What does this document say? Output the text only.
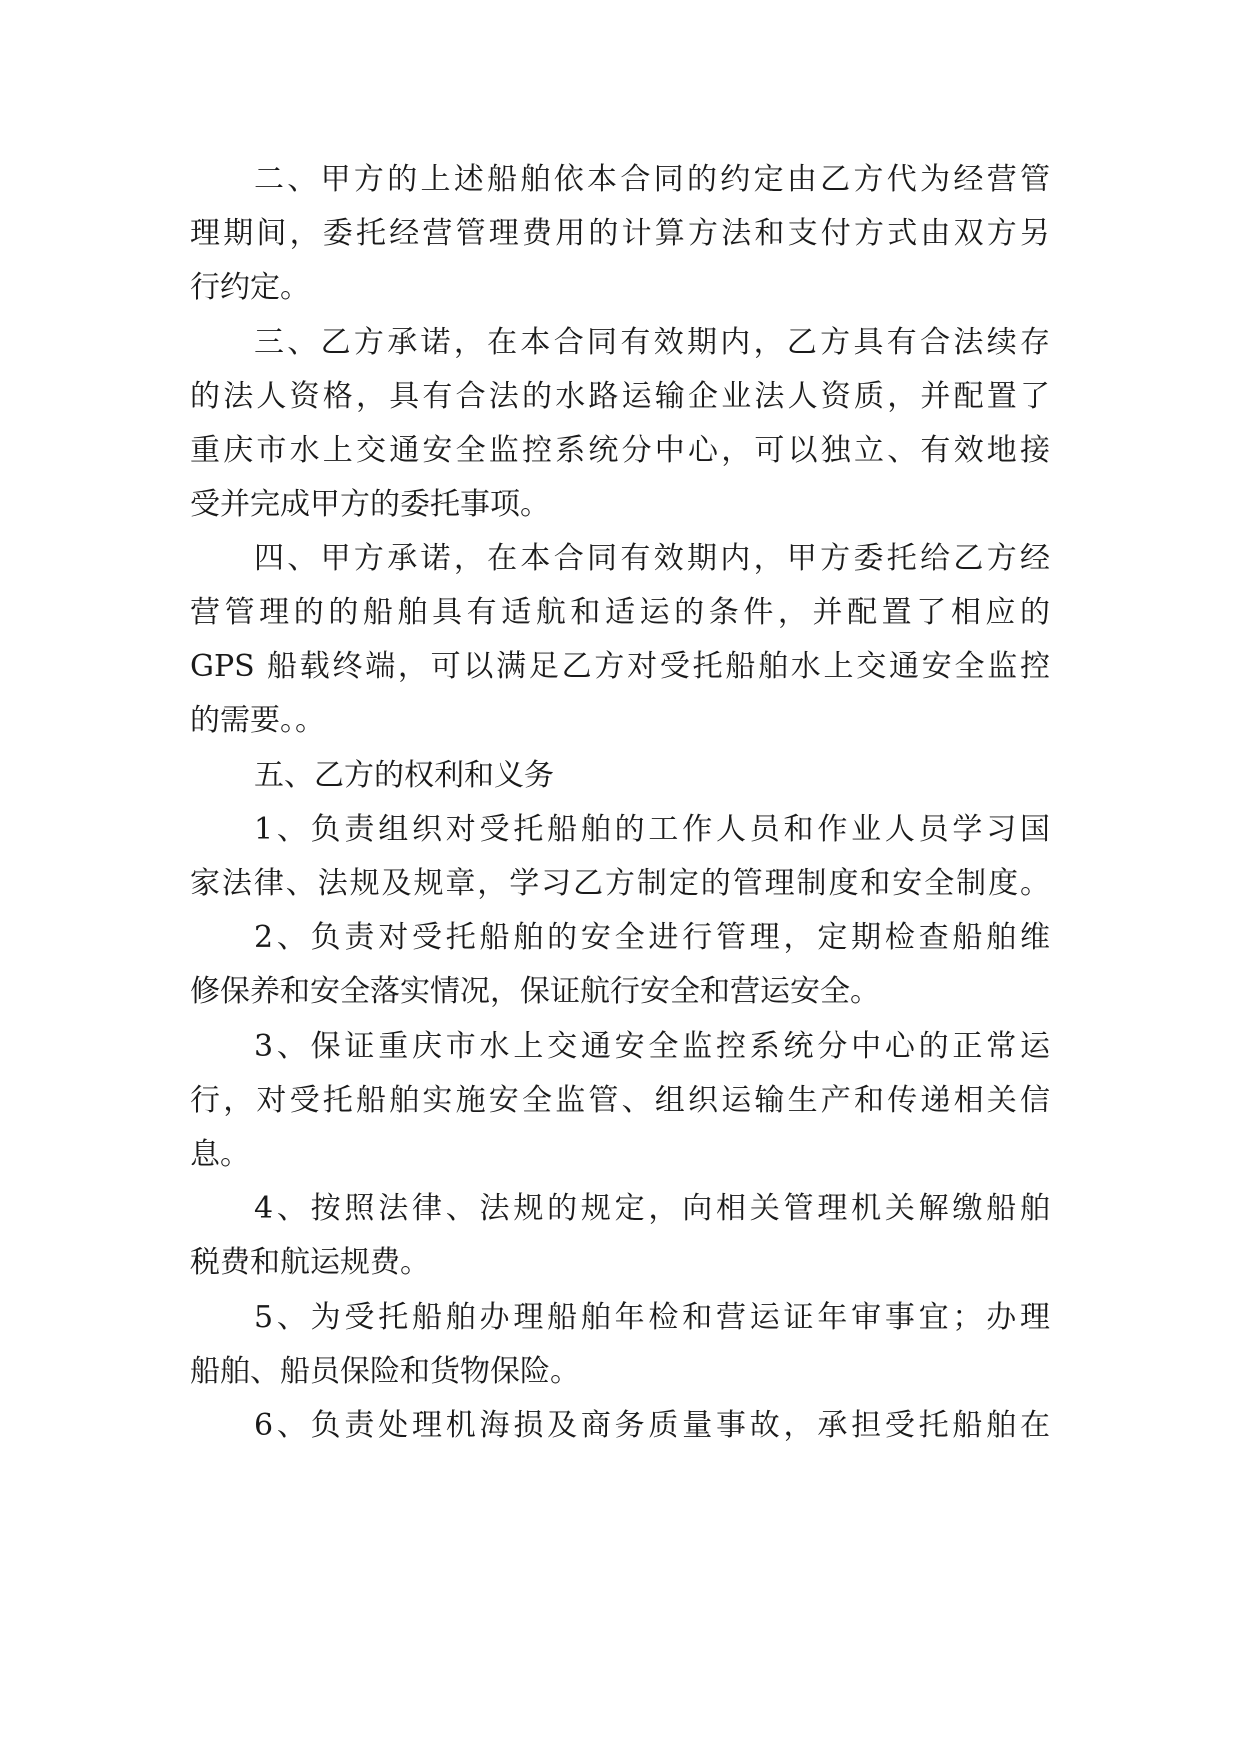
二、甲方的上述船舶依本合同的约定由乙方代为经营管
理期间，委托经营管理费用的计算方法和支付方式由双方另
行约定。
三、乙方承诺，在本合同有效期内，乙方具有合法续存
的法人资格，具有合法的水路运输企业法人资质，并配置了
重庆市水上交通安全监控系统分中心，可以独立、有效地接
受并完成甲方的委托事项。
四、甲方承诺，在本合同有效期内，甲方委托给乙方经
营管理的的船舶具有适航和适运的条件，并配置了相应的
GPS 船载终端，可以满足乙方对受托船舶水上交通安全监控
的需要。。
五、乙方的权利和义务
1、负责组织对受托船舶的工作人员和作业人员学习国
家法律、法规及规章，学习乙方制定的管理制度和安全制度。
2、负责对受托船舶的安全进行管理，定期检查船舶维
修保养和安全落实情况，保证航行安全和营运安全。
3、保证重庆市水上交通安全监控系统分中心的正常运
行，对受托船舶实施安全监管、组织运输生产和传递相关信
息。
4、按照法律、法规的规定，向相关管理机关解缴船舶
税费和航运规费。
5、为受托船舶办理船舶年检和营运证年审事宜；办理
船舶、船员保险和货物保险。
6、负责处理机海损及商务质量事故，承担受托船舶在
